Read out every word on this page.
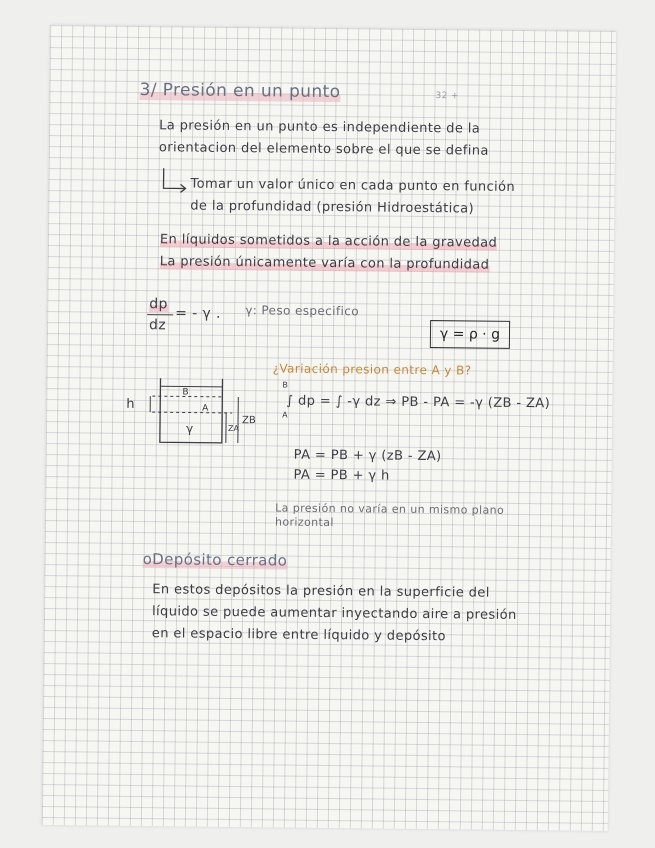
32 +
3/ Presión en un punto
La presión en un punto es independiente de la
orientacion del elemento sobre el que se defina
Tomar un valor único en cada punto en función
de la profundidad (presión Hidroestática)
En líquidos sometidos a la acción de la gravedad
La presión únicamente varía con la profundidad
dp
dz
= - γ . γ: Peso especifico
γ = ρ · g
h
B
A
γ	ZA
ZB
¿Variación presion entre A y B?
B
A
∫ dp = ∫ -γ dz ⇒ PB - PA = -γ (ZB - ZA)
PA = PB + γ (zB - ZA)
PA = PB + γ h
La presión no varía en un mismo plano
horizontal
oDepósito cerrado
En estos depósitos la presión en la superficie del
líquido se puede aumentar inyectando aire a presión
en el espacio libre entre líquido y depósito
